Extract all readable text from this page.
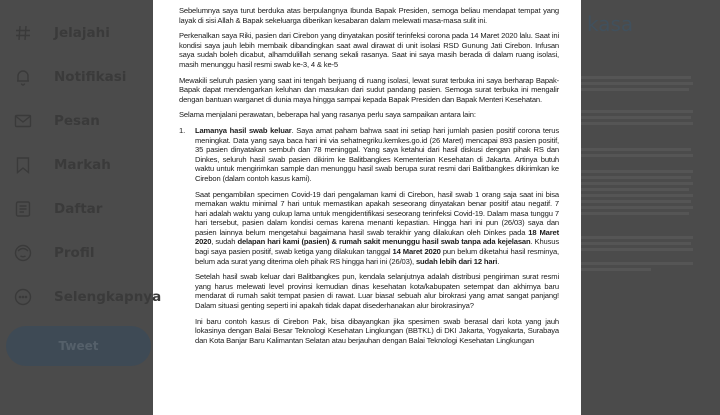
Jelajahi
Notifikasi
Pesan
Markah
Daftar
Profil
Selengkapnya
Tweet

Sebelumnya saya turut berduka atas berpulangnya Ibunda Bapak Presiden, semoga beliau mendapat tempat yang layak di sisi Allah & Bapak sekeluarga diberikan kesabaran dalam melewati masa-masa sulit ini.

Perkenalkan saya Riki, pasien dari Cirebon yang dinyatakan positif terinfeksi corona pada 14 Maret 2020 lalu. Saat ini kondisi saya jauh lebih membaik dibandingkan saat awal dirawat di unit isolasi RSD Gunung Jati Cirebon. Infusan saya sudah boleh dicabut, alhamdulillah senang sekali rasanya. Saat ini saya masih berada di dalam ruang isolasi, masih menunggu hasil resmi swab ke-3, 4 & ke-5

Mewakili seluruh pasien yang saat ini tengah berjuang di ruang isolasi, lewat surat terbuka ini saya berharap Bapak-Bapak dapat mendengarkan keluhan dan masukan dari sudut pandang pasien. Semoga surat terbuka ini mengalir dengan bantuan warganet di dunia maya hingga sampai kepada Bapak Presiden dan Bapak Menteri Kesehatan.

Selama menjalani perawatan, beberapa hal yang rasanya perlu saya sampaikan antara lain:

1.	Lamanya hasil swab keluar. Saya amat paham bahwa saat ini setiap hari jumlah pasien positif corona terus meningkat. Data yang saya baca hari ini via sehatnegriku.kemkes.go.id (26 Maret) mencapai 893 pasien positif, 35 pasien dinyatakan sembuh dan 78 meninggal. Yang saya ketahui dari hasil diskusi dengan pihak RS dan Dinkes, seluruh hasil swab pasien dikirim ke Balitbangkes Kementerian Kesehatan di Jakarta. Artinya butuh waktu untuk mengirimkan sample dan menunggu hasil swab berupa surat resmi dari Balitbangkes dikirimkan ke Cirebon (dalam contoh kasus kami).

Saat pengambilan specimen Covid-19 dari pengalaman kami di Cirebon, hasil swab 1 orang saja saat ini bisa memakan waktu minimal 7 hari untuk memastikan apakah seseorang dinyatakan benar positif atau negatif. 7 hari adalah waktu yang cukup lama untuk mengidentifikasi seseorang terinfeksi Covid-19. Dalam masa tunggu 7 hari tersebut, pasien dalam kondisi cemas karena menanti kepastian. Hingga hari ini pun (26/03) saya dan pasien lainnya belum mengetahui bagaimana hasil swab terakhir yang dilakukan oleh Dinkes pada 18 Maret 2020, sudah delapan hari kami (pasien) & rumah sakit menunggu hasil swab tanpa ada kejelasan. Khusus bagi saya pasien positif, swab ketiga yang dilakukan tanggal 14 Maret 2020 pun belum diketahui hasil resminya, belum ada surat yang diterima oleh pihak RS hingga hari ini (26/03), sudah lebih dari 12 hari.

Setelah hasil swab keluar dari Balitbangkes pun, kendala selanjutnya adalah distribusi pengiriman surat resmi yang harus melewati level provinsi kemudian dinas kesehatan kota/kabupaten setempat dan akhirnya baru mendarat di rumah sakit tempat pasien di rawat. Luar biasa! sebuah alur birokrasi yang amat sangat panjang! Dalam situasi genting seperti ini apakah tidak dapat disederhanakan alur birokrasinya?

Ini baru contoh kasus di Cirebon Pak, bisa dibayangkan jika spesimen swab berasal dari kota yang jauh lokasinya dengan Balai Besar Teknologi Kesehatan Lingkungan (BBTKL) di DKI Jakarta, Yogyakarta, Surabaya dan Kota Banjar Baru Kalimantan Selatan atau berjauhan dengan Balai Teknologi Kesehatan Lingkungan

kasa
